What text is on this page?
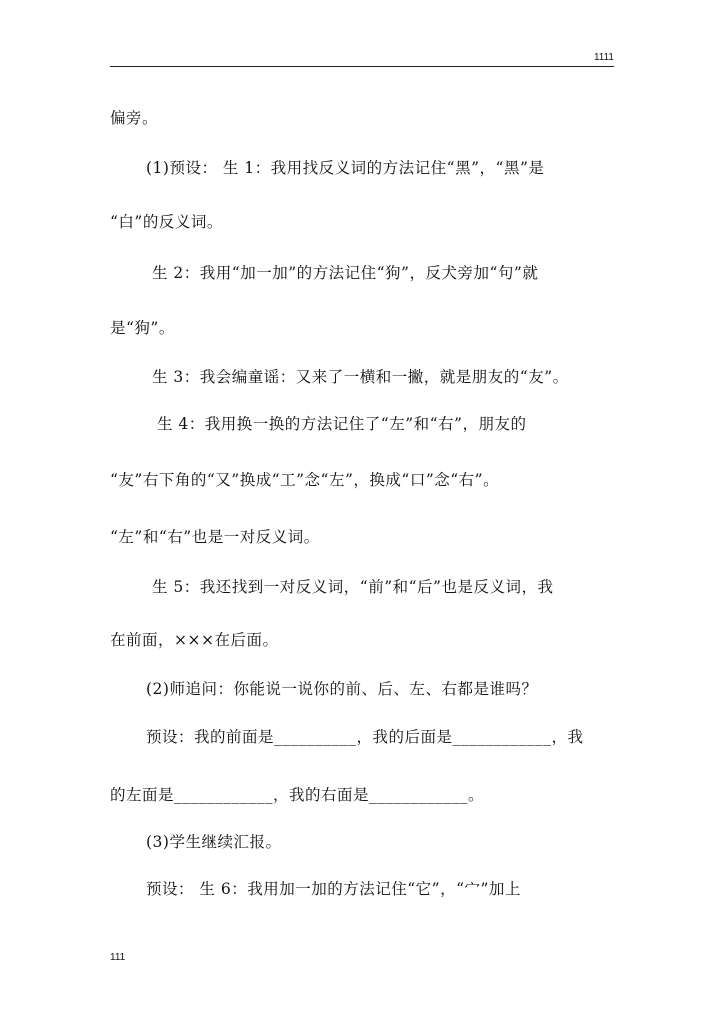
1111
偏旁。
(1)预设： 生 1：我用找反义词的方法记住“黑”，“黑”是
“白”的反义词。
生 2：我用“加一加”的方法记住“狗”，反犬旁加“句”就
是“狗”。
生 3：我会编童谣：又来了一横和一撇，就是朋友的“友”。
生 4：我用换一换的方法记住了“左”和“右”，朋友的
“友”右下角的“又”换成“工”念“左”，换成“口”念“右”。
“左”和“右”也是一对反义词。
生 5：我还找到一对反义词，“前”和“后”也是反义词，我
在前面，×××在后面。
(2)师追问：你能说一说你的前、后、左、右都是谁吗？
预设：我的前面是__________，我的后面是____________，我
的左面是____________，我的右面是____________。
(3)学生继续汇报。
预设： 生 6：我用加一加的方法记住“它”，“宀”加上
111
